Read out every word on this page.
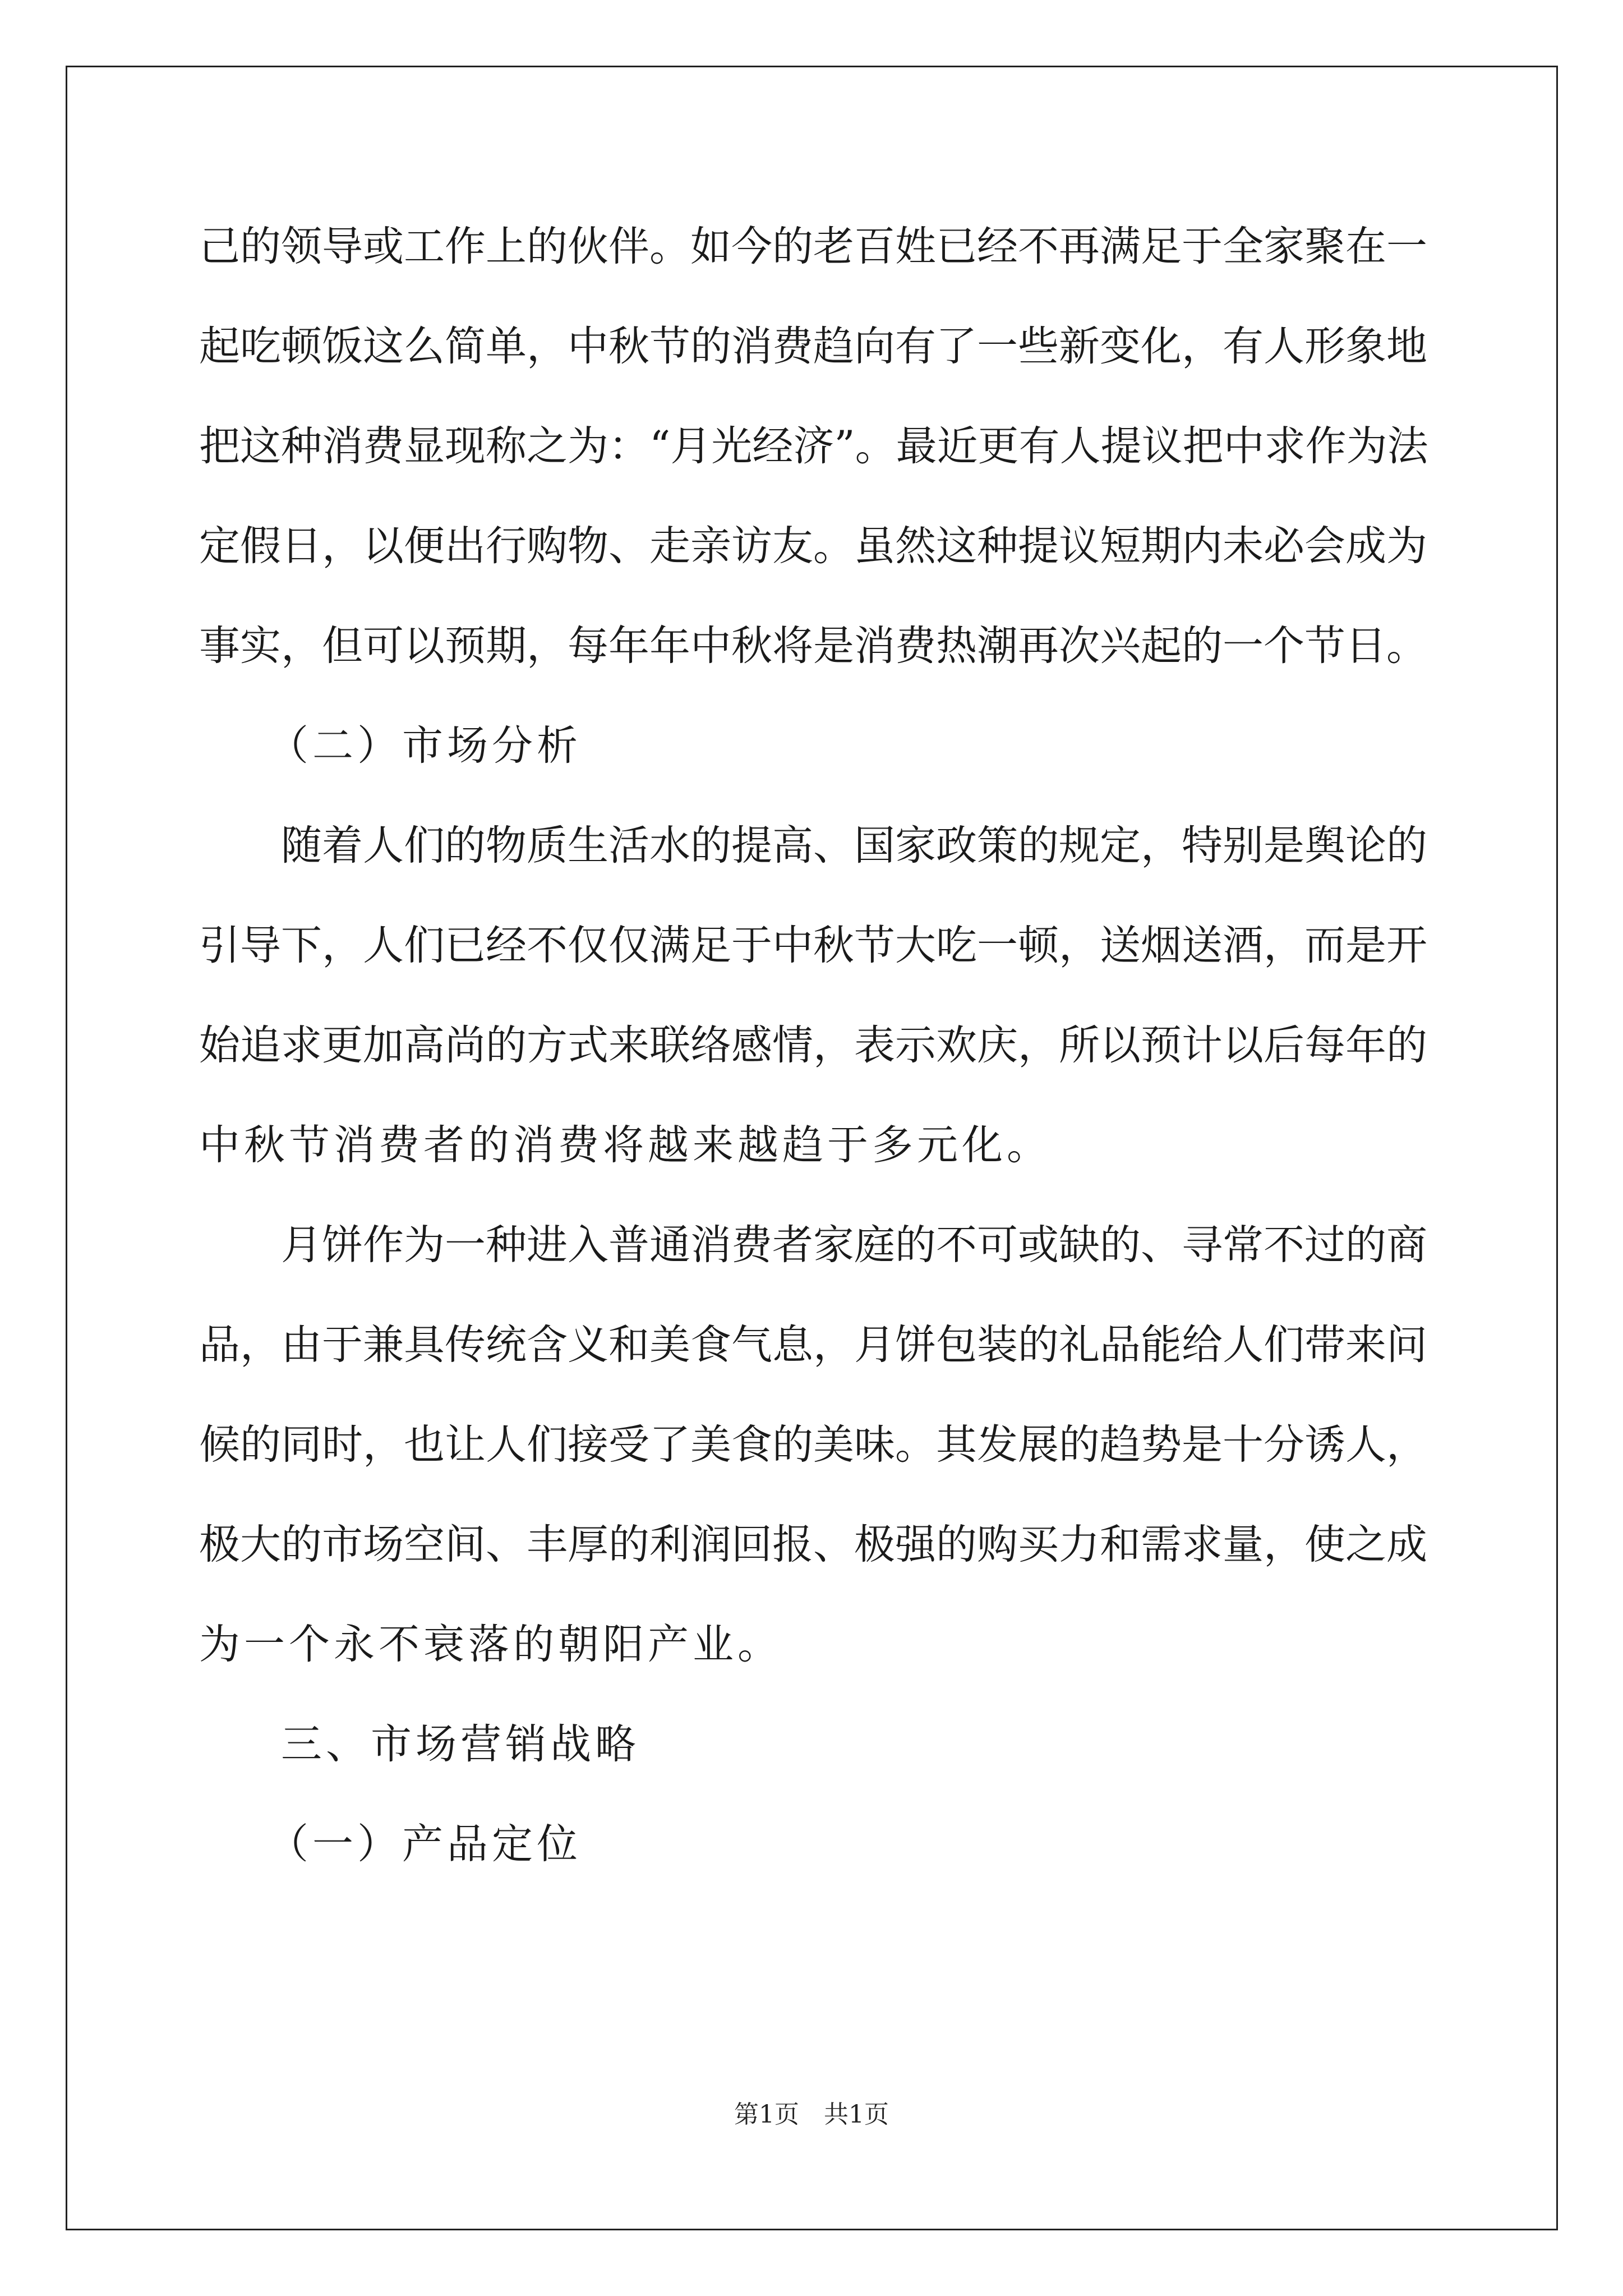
己的领导或工作上的伙伴。如今的老百姓已经不再满足于全家聚在一
起吃顿饭这么简单，中秋节的消费趋向有了一些新变化，有人形象地
把这种消费显现称之为：“月光经济”。最近更有人提议把中求作为法
定假日，以便出行购物、走亲访友。虽然这种提议短期内未必会成为
事实，但可以预期，每年年中秋将是消费热潮再次兴起的一个节日。
（二）市场分析
随着人们的物质生活水的提高、国家政策的规定，特别是舆论的
引导下，人们已经不仅仅满足于中秋节大吃一顿，送烟送酒，而是开
始追求更加高尚的方式来联络感情，表示欢庆，所以预计以后每年的
中秋节消费者的消费将越来越趋于多元化。
月饼作为一种进入普通消费者家庭的不可或缺的、寻常不过的商
品，由于兼具传统含义和美食气息，月饼包装的礼品能给人们带来问
候的同时，也让人们接受了美食的美味。其发展的趋势是十分诱人，
极大的市场空间、丰厚的利润回报、极强的购买力和需求量，使之成
为一个永不衰落的朝阳产业。
三、市场营销战略
（一）产品定位
第1页　共1页
